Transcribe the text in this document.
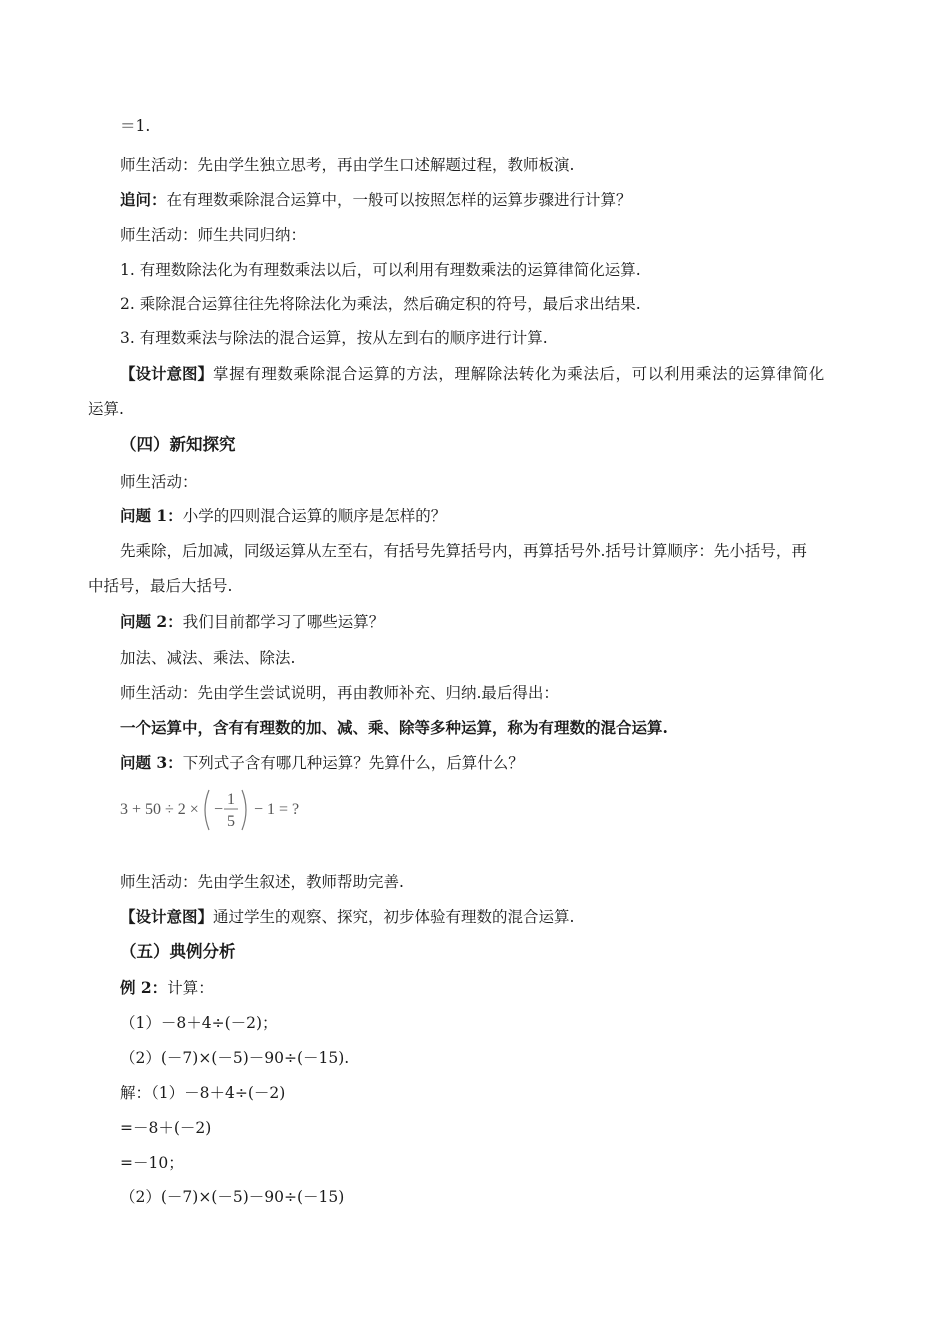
＝1.
师生活动：先由学生独立思考，再由学生口述解题过程，教师板演.
追问：在有理数乘除混合运算中，一般可以按照怎样的运算步骤进行计算？
师生活动：师生共同归纳：
1. 有理数除法化为有理数乘法以后，可以利用有理数乘法的运算律简化运算.
2. 乘除混合运算往往先将除法化为乘法，然后确定积的符号，最后求出结果.
3. 有理数乘法与除法的混合运算，按从左到右的顺序进行计算.
【设计意图】掌握有理数乘除混合运算的方法，理解除法转化为乘法后，可以利用乘法的运算律简化
运算.
（四）新知探究
师生活动：
问题 1：小学的四则混合运算的顺序是怎样的？
先乘除，后加减，同级运算从左至右，有括号先算括号内，再算括号外.括号计算顺序：先小括号，再
中括号，最后大括号.
问题 2：我们目前都学习了哪些运算？
加法、减法、乘法、除法.
师生活动：先由学生尝试说明，再由教师补充、归纳.最后得出：
一个运算中，含有有理数的加、减、乘、除等多种运算，称为有理数的混合运算.
问题 3：下列式子含有哪几种运算？先算什么，后算什么？
3 + 50 ÷ 2 × −
1
5
− 1 = ?
师生活动：先由学生叙述，教师帮助完善.
【设计意图】通过学生的观察、探究，初步体验有理数的混合运算.
（五）典例分析
例 2：计算：
（1）－8＋4÷(－2)；
（2）(－7)×(－5)－90÷(－15).
解：（1）－8＋4÷(－2)
=－8＋(－2)
=－10；
（2）(－7)×(－5)－90÷(－15)
